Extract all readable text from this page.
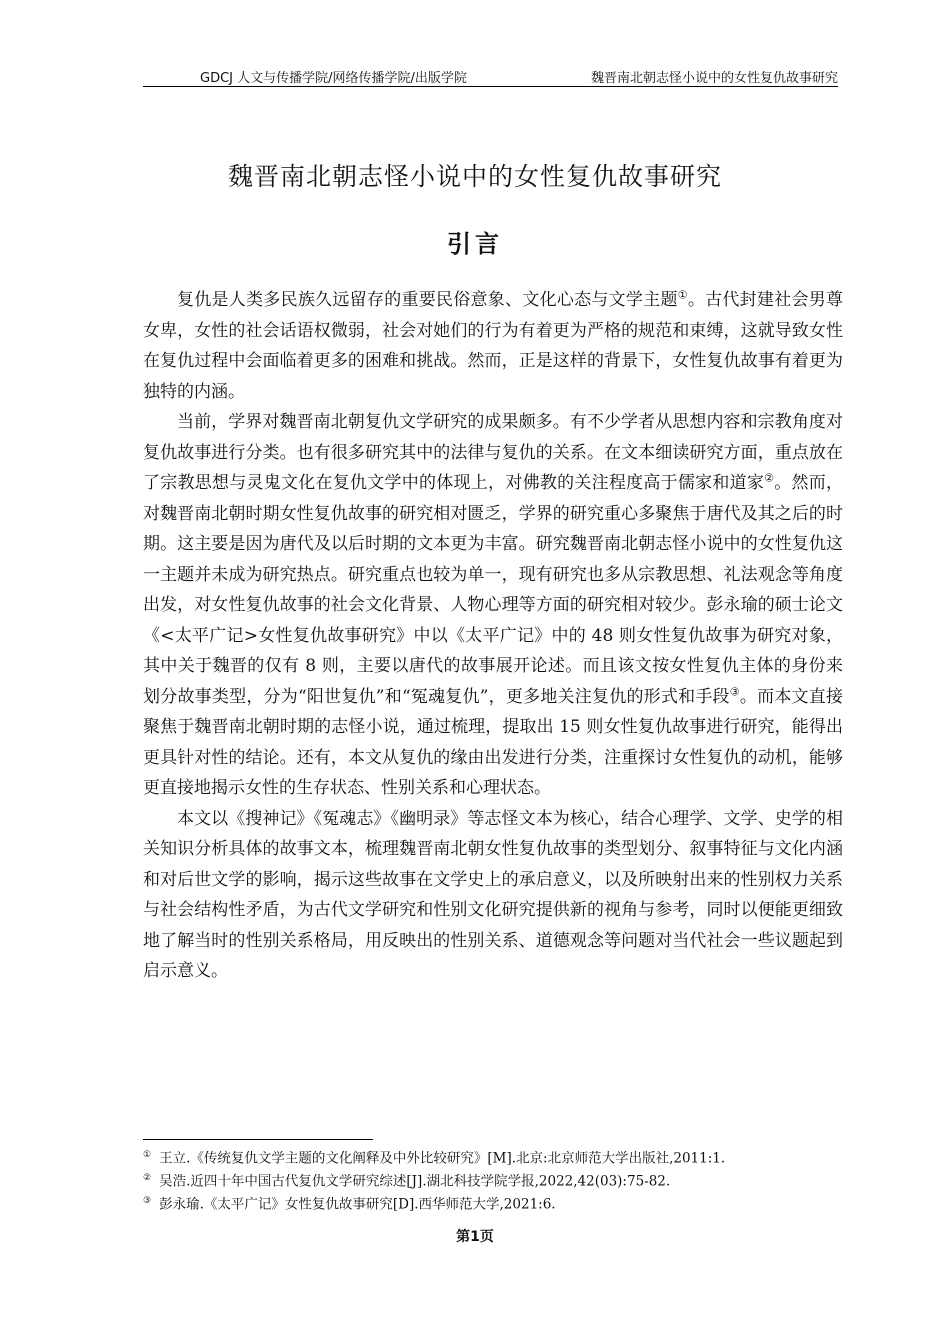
GDCJ 人文与传播学院/网络传播学院/出版学院	魏晋南北朝志怪小说中的女性复仇故事研究
魏晋南北朝志怪小说中的女性复仇故事研究
引言

复仇是人类多民族久远留存的重要民俗意象、文化心态与文学主题①。古代封建社会男尊女卑，女性的社会话语权微弱，社会对她们的行为有着更为严格的规范和束缚，这就导致女性在复仇过程中会面临着更多的困难和挑战。然而，正是这样的背景下，女性复仇故事有着更为独特的内涵。

当前，学界对魏晋南北朝复仇文学研究的成果颇多。有不少学者从思想内容和宗教角度对复仇故事进行分类。也有很多研究其中的法律与复仇的关系。在文本细读研究方面，重点放在了宗教思想与灵鬼文化在复仇文学中的体现上，对佛教的关注程度高于儒家和道家②。然而，对魏晋南北朝时期女性复仇故事的研究相对匮乏，学界的研究重心多聚焦于唐代及其之后的时期。这主要是因为唐代及以后时期的文本更为丰富。研究魏晋南北朝志怪小说中的女性复仇这一主题并未成为研究热点。研究重点也较为单一，现有研究也多从宗教思想、礼法观念等角度出发，对女性复仇故事的社会文化背景、人物心理等方面的研究相对较少。彭永瑜的硕士论文《<太平广记>女性复仇故事研究》中以《太平广记》中的 48 则女性复仇故事为研究对象，其中关于魏晋的仅有 8 则，主要以唐代的故事展开论述。而且该文按女性复仇主体的身份来划分故事类型，分为“阳世复仇”和“冤魂复仇”，更多地关注复仇的形式和手段③。而本文直接聚焦于魏晋南北朝时期的志怪小说，通过梳理，提取出 15 则女性复仇故事进行研究，能得出更具针对性的结论。还有，本文从复仇的缘由出发进行分类，注重探讨女性复仇的动机，能够更直接地揭示女性的生存状态、性别关系和心理状态。

本文以《搜神记》《冤魂志》《幽明录》等志怪文本为核心，结合心理学、文学、史学的相关知识分析具体的故事文本，梳理魏晋南北朝女性复仇故事的类型划分、叙事特征与文化内涵和对后世文学的影响，揭示这些故事在文学史上的承启意义，以及所映射出来的性别权力关系与社会结构性矛盾，为古代文学研究和性别文化研究提供新的视角与参考，同时以便能更细致地了解当时的性别关系格局，用反映出的性别关系、道德观念等问题对当代社会一些议题起到启示意义。

① 王立.《传统复仇文学主题的文化阐释及中外比较研究》[M].北京:北京师范大学出版社,2011:1.

② 吴浩.近四十年中国古代复仇文学研究综述[J].湖北科技学院学报,2022,42(03):75-82.

③ 彭永瑜.《太平广记》女性复仇故事研究[D].西华师范大学,2021:6.

第1页
